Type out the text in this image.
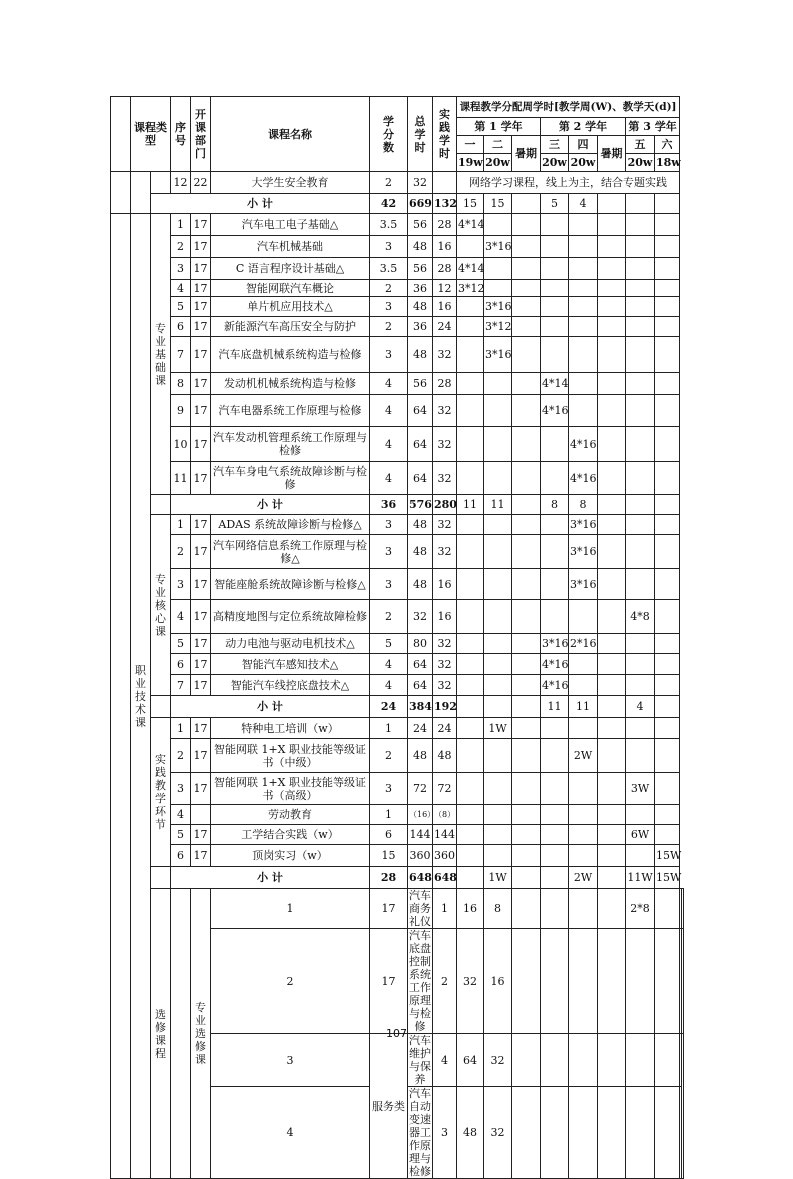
	课程类型		序号	开课部门	课程名称	学分数	总学时	实践学时	课程教学分配周学时[教学周(W)、教学天(d)]									
									第 1 学年			第 2 学年			第 3 学年			
									一	二	暑期	三	四	暑期	五	六		
									19w	20w		20w	20w		20w	18w		
			12	22	大学生安全教育	2	32		网络学习课程，线上为主，结合专题实践									
		小 计				42	669	132	15	15		5	4					
	职业技术课	专业基础课	1	17	汽车电工电子基础△	3.5	56	28	4*14									
			2	17	汽车机械基础	3	48	16		3*16								
			3	17	C 语言程序设计基础△	3.5	56	28	4*14									
			4	17	智能网联汽车概论	2	36	12	3*12									
			5	17	单片机应用技术△	3	48	16		3*16								
			6	17	新能源汽车高压安全与防护	2	36	24		3*12								
			7	17	汽车底盘机械系统构造与检修	3	48	32		3*16								
			8	17	发动机机械系统构造与检修	4	56	28				4*14						
			9	17	汽车电器系统工作原理与检修	4	64	32				4*16						
			10	17	汽车发动机管理系统工作原理与检修	4	64	32					4*16					
			11	17	汽车车身电气系统故障诊断与检修	4	64	32					4*16					
			小 计			36	576	280	11	11		8	8					
		专业核心课	1	17	ADAS 系统故障诊断与检修△	3	48	32					3*16					
			2	17	汽车网络信息系统工作原理与检修△	3	48	32					3*16					
			3	17	智能座舱系统故障诊断与检修△	3	48	16					3*16					
			4	17	高精度地图与定位系统故障检修	2	32	16							4*8			
			5	17	动力电池与驱动电机技术△	5	80	32				3*16	2*16					
			6	17	智能汽车感知技术△	4	64	32				4*16						
			7	17	智能汽车线控底盘技术△	4	64	32				4*16						
			小 计			24	384	192				11	11		4			
		实践教学环节	1	17	特种电工培训（w）	1	24	24		1W								
			2	17	智能网联 1+X 职业技能等级证书（中级）	2	48	48					2W					
			3	17	智能网联 1+X 职业技能等级证书（高级）	3	72	72							3W			
			4		劳动教育	1	（16）	（8）										
			5	17	工学结合实践（w）	6	144	144							6W			
			6	17	顶岗实习（w）	15	360	360								15W		
			小 计			28	648	648		1W			2W		11W	15W		
		选修课程		专业选修课	1	17	汽车商务礼仪	1	16	8					2*8			
					2	17	汽车底盘控制系统工作原理与检修	2	32	16								
					3	服务类	汽车维护与保养	4	64	32								
					4		汽车自动变速器工作原理与检修	3	48	32							
107
